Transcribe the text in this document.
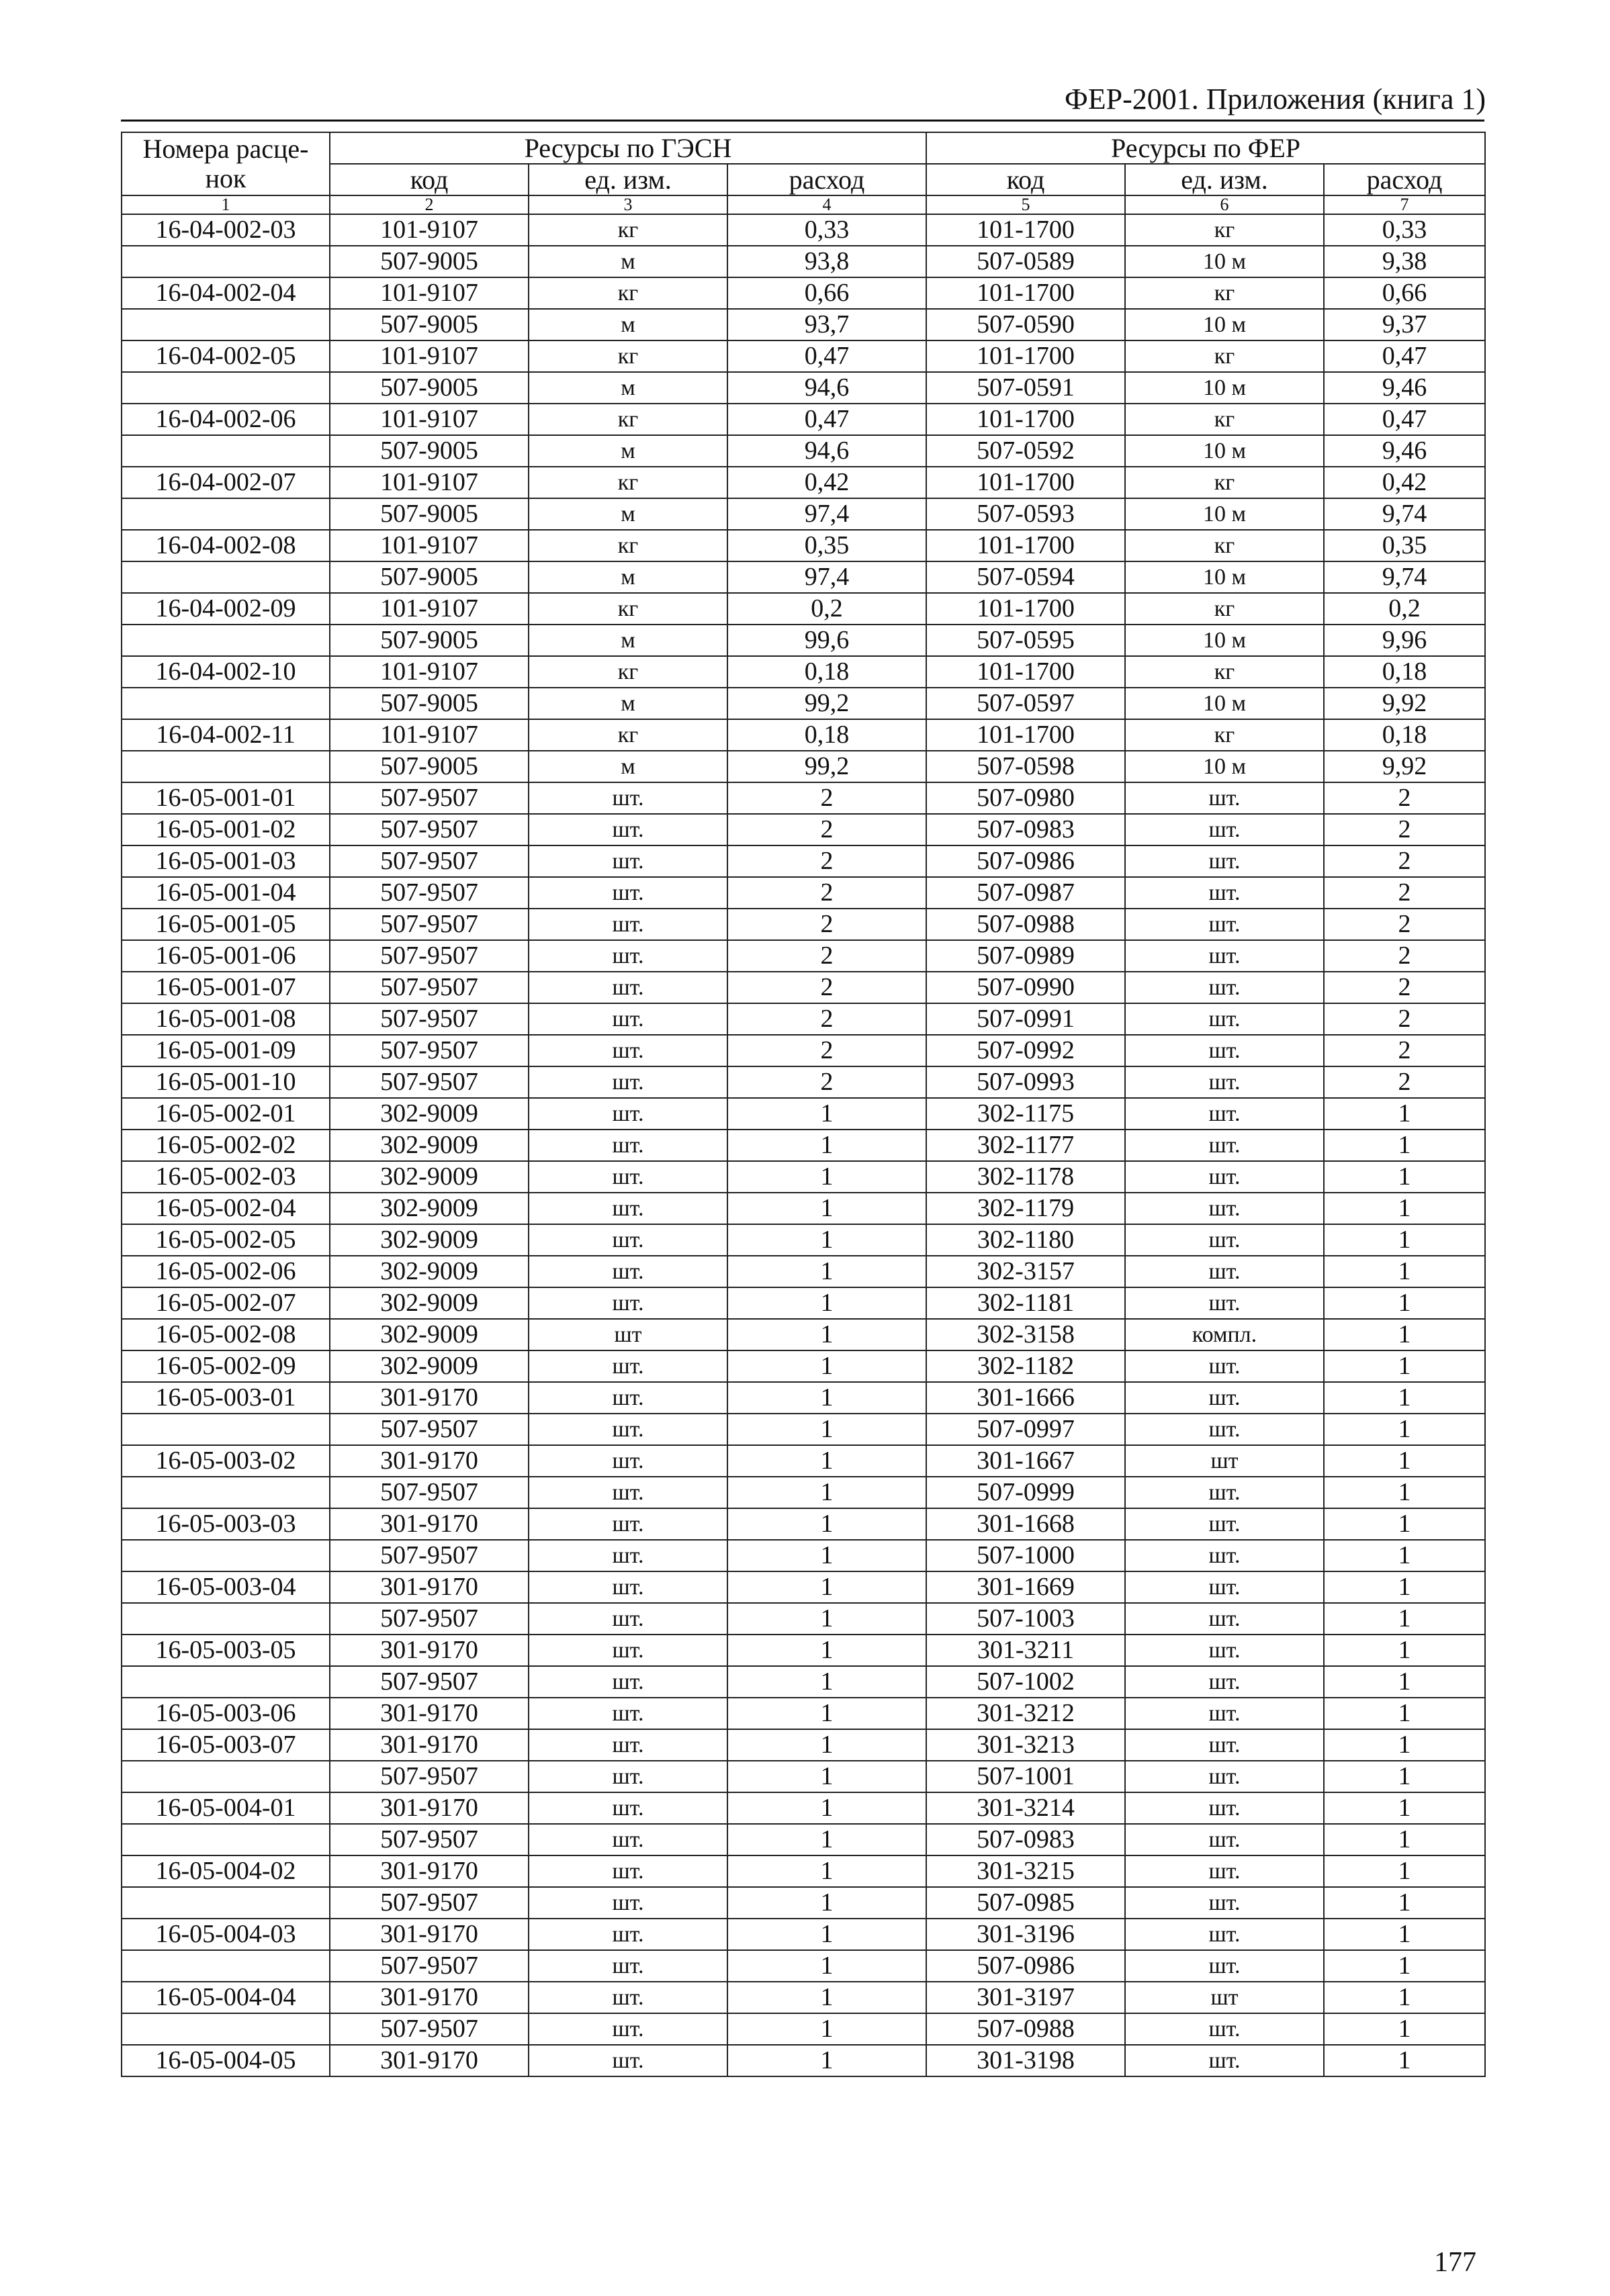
ФЕР-2001. Приложения (книга 1)
Номера расце-нок	Ресурсы по ГЭСН			Ресурсы по ФЕР		
	код	ед. изм.	расход	код	ед. изм.	расход
1	2	3	4	5	6	7
16-04-002-03	101-9107	кг	0,33	101-1700	кг	0,33
	507-9005	м	93,8	507-0589	10 м	9,38
16-04-002-04	101-9107	кг	0,66	101-1700	кг	0,66
	507-9005	м	93,7	507-0590	10 м	9,37
16-04-002-05	101-9107	кг	0,47	101-1700	кг	0,47
	507-9005	м	94,6	507-0591	10 м	9,46
16-04-002-06	101-9107	кг	0,47	101-1700	кг	0,47
	507-9005	м	94,6	507-0592	10 м	9,46
16-04-002-07	101-9107	кг	0,42	101-1700	кг	0,42
	507-9005	м	97,4	507-0593	10 м	9,74
16-04-002-08	101-9107	кг	0,35	101-1700	кг	0,35
	507-9005	м	97,4	507-0594	10 м	9,74
16-04-002-09	101-9107	кг	0,2	101-1700	кг	0,2
	507-9005	м	99,6	507-0595	10 м	9,96
16-04-002-10	101-9107	кг	0,18	101-1700	кг	0,18
	507-9005	м	99,2	507-0597	10 м	9,92
16-04-002-11	101-9107	кг	0,18	101-1700	кг	0,18
	507-9005	м	99,2	507-0598	10 м	9,92
16-05-001-01	507-9507	шт.	2	507-0980	шт.	2
16-05-001-02	507-9507	шт.	2	507-0983	шт.	2
16-05-001-03	507-9507	шт.	2	507-0986	шт.	2
16-05-001-04	507-9507	шт.	2	507-0987	шт.	2
16-05-001-05	507-9507	шт.	2	507-0988	шт.	2
16-05-001-06	507-9507	шт.	2	507-0989	шт.	2
16-05-001-07	507-9507	шт.	2	507-0990	шт.	2
16-05-001-08	507-9507	шт.	2	507-0991	шт.	2
16-05-001-09	507-9507	шт.	2	507-0992	шт.	2
16-05-001-10	507-9507	шт.	2	507-0993	шт.	2
16-05-002-01	302-9009	шт.	1	302-1175	шт.	1
16-05-002-02	302-9009	шт.	1	302-1177	шт.	1
16-05-002-03	302-9009	шт.	1	302-1178	шт.	1
16-05-002-04	302-9009	шт.	1	302-1179	шт.	1
16-05-002-05	302-9009	шт.	1	302-1180	шт.	1
16-05-002-06	302-9009	шт.	1	302-3157	шт.	1
16-05-002-07	302-9009	шт.	1	302-1181	шт.	1
16-05-002-08	302-9009	шт	1	302-3158	компл.	1
16-05-002-09	302-9009	шт.	1	302-1182	шт.	1
16-05-003-01	301-9170	шт.	1	301-1666	шт.	1
	507-9507	шт.	1	507-0997	шт.	1
16-05-003-02	301-9170	шт.	1	301-1667	шт	1
	507-9507	шт.	1	507-0999	шт.	1
16-05-003-03	301-9170	шт.	1	301-1668	шт.	1
	507-9507	шт.	1	507-1000	шт.	1
16-05-003-04	301-9170	шт.	1	301-1669	шт.	1
	507-9507	шт.	1	507-1003	шт.	1
16-05-003-05	301-9170	шт.	1	301-3211	шт.	1
	507-9507	шт.	1	507-1002	шт.	1
16-05-003-06	301-9170	шт.	1	301-3212	шт.	1
16-05-003-07	301-9170	шт.	1	301-3213	шт.	1
	507-9507	шт.	1	507-1001	шт.	1
16-05-004-01	301-9170	шт.	1	301-3214	шт.	1
	507-9507	шт.	1	507-0983	шт.	1
16-05-004-02	301-9170	шт.	1	301-3215	шт.	1
	507-9507	шт.	1	507-0985	шт.	1
16-05-004-03	301-9170	шт.	1	301-3196	шт.	1
	507-9507	шт.	1	507-0986	шт.	1
16-05-004-04	301-9170	шт.	1	301-3197	шт	1
	507-9507	шт.	1	507-0988	шт.	1
16-05-004-05	301-9170	шт.	1	301-3198	шт.	1
177
